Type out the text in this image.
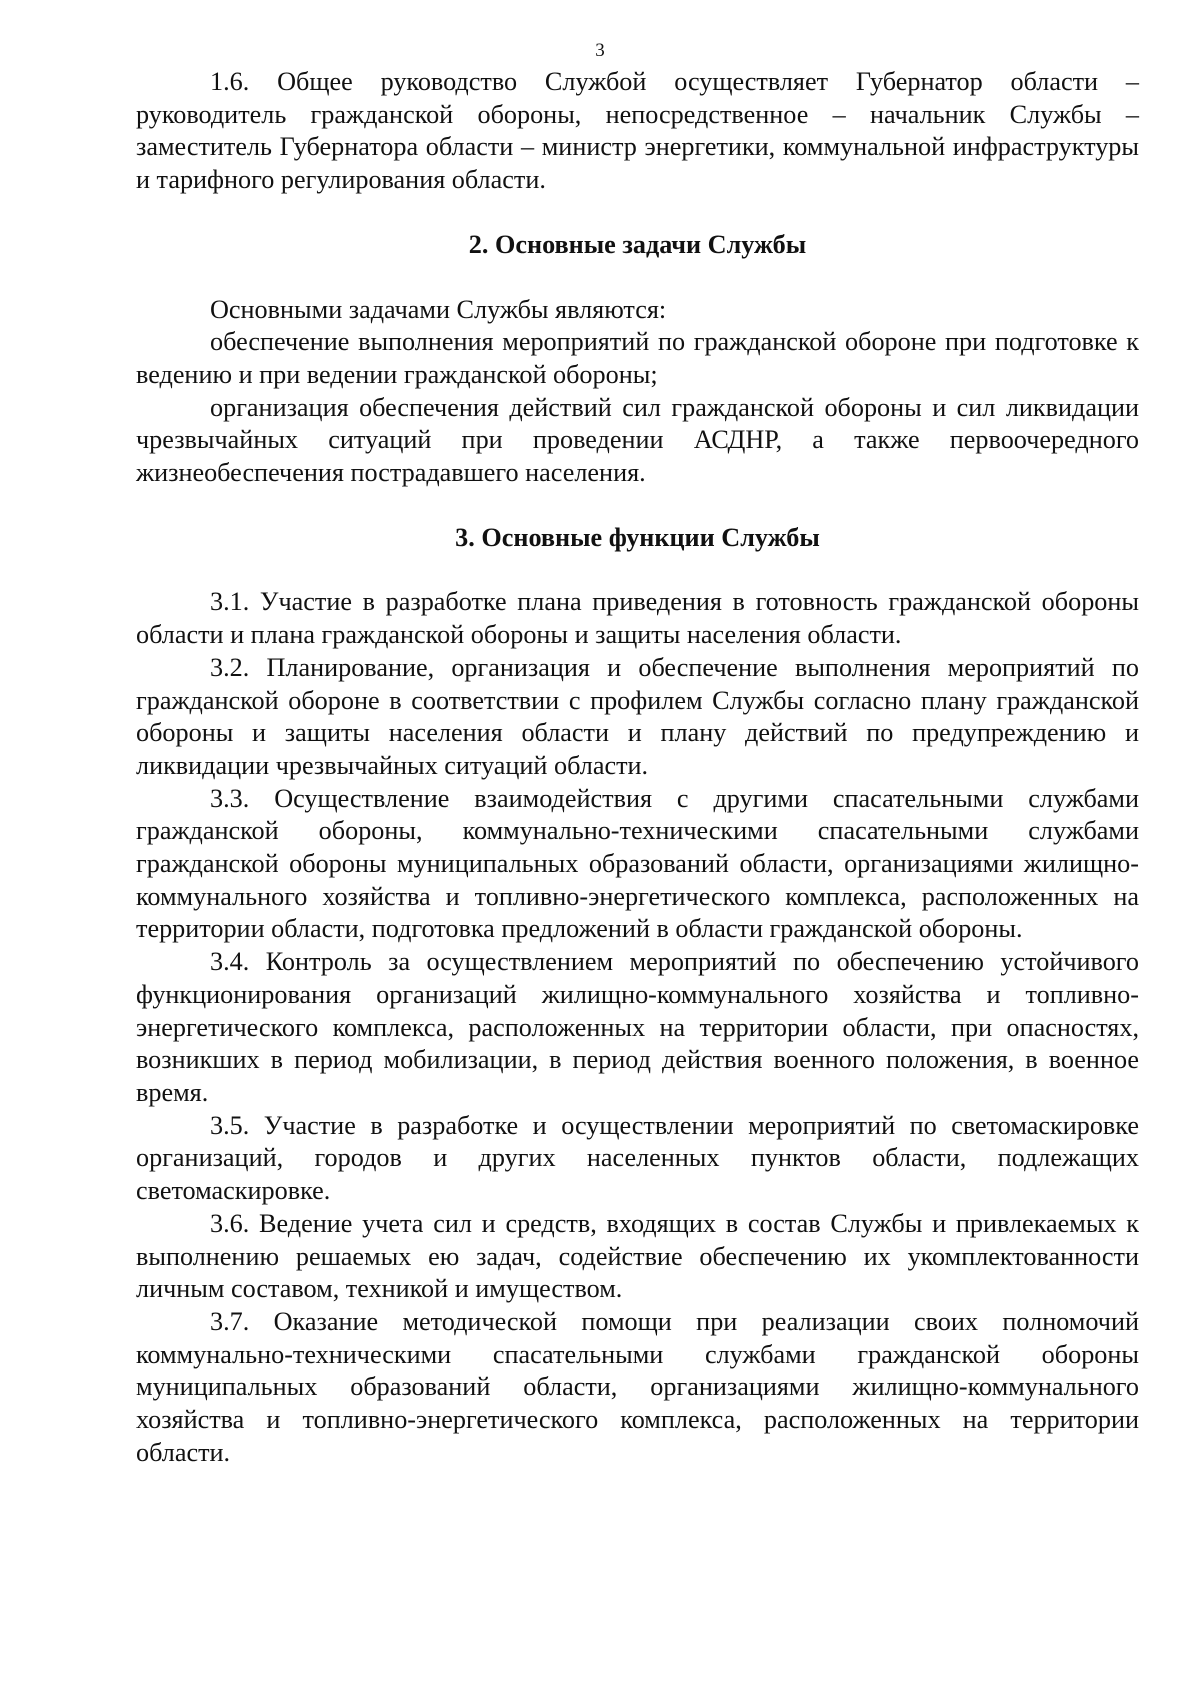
3

1.6. Общее руководство Службой осуществляет Губернатор области – руководитель гражданской обороны, непосредственное – начальник Службы – заместитель Губернатора области – министр энергетики, коммунальной инфраструктуры и тарифного регулирования области.

2. Основные задачи Службы

Основными задачами Службы являются:

обеспечение выполнения мероприятий по гражданской обороне при подготовке к ведению и при ведении гражданской обороны;

организация обеспечения действий сил гражданской обороны и сил ликвидации чрезвычайных ситуаций при проведении АСДНР, а также первоочередного жизнеобеспечения пострадавшего населения.

3. Основные функции Службы

3.1. Участие в разработке плана приведения в готовность гражданской обороны области и плана гражданской обороны и защиты населения области.

3.2. Планирование, организация и обеспечение выполнения мероприятий по гражданской обороне в соответствии с профилем Службы согласно плану гражданской обороны и защиты населения области и плану действий по предупреждению и ликвидации чрезвычайных ситуаций области.

3.3. Осуществление взаимодействия с другими спасательными службами гражданской обороны, коммунально-техническими спасательными службами гражданской обороны муниципальных образований области, организациями жилищно-коммунального хозяйства и топливно-энергетического комплекса, расположенных на территории области, подготовка предложений в области гражданской обороны.

3.4. Контроль за осуществлением мероприятий по обеспечению устойчивого функционирования организаций жилищно-коммунального хозяйства и топливно-энергетического комплекса, расположенных на территории области, при опасностях, возникших в период мобилизации, в период действия военного положения, в военное время.

3.5. Участие в разработке и осуществлении мероприятий по светомаскировке организаций, городов и других населенных пунктов области, подлежащих светомаскировке.

3.6. Ведение учета сил и средств, входящих в состав Службы и привлекаемых к выполнению решаемых ею задач, содействие обеспечению их укомплектованности личным составом, техникой и имуществом.

3.7. Оказание методической помощи при реализации своих полномочий коммунально-техническими спасательными службами гражданской обороны муниципальных образований области, организациями жилищно-коммунального хозяйства и топливно-энергетического комплекса, расположенных на территории области.
